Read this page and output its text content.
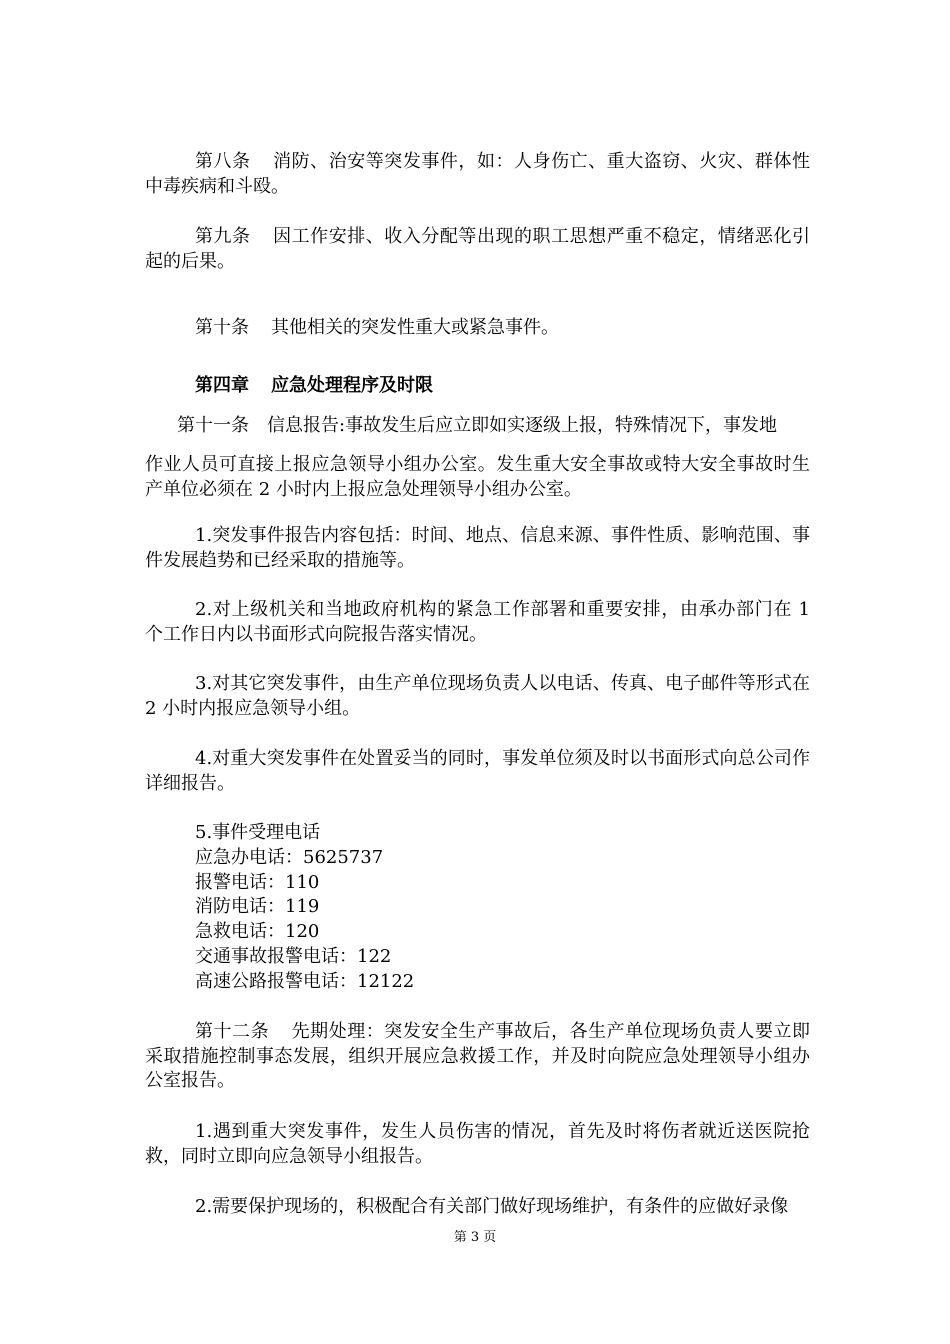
第八条 消防、治安等突发事件，如：人身伤亡、重大盗窃、火灾、群体性中毒疾病和斗殴。

第九条 因工作安排、收入分配等出现的职工思想严重不稳定，情绪恶化引起的后果。

第十条 其他相关的突发性重大或紧急事件。

第四章 应急处理程序及时限

第十一条　信息报告:事故发生后应立即如实逐级上报，特殊情况下，事发地

作业人员可直接上报应急领导小组办公室。发生重大安全事故或特大安全事故时生产单位必须在 2 小时内上报应急处理领导小组办公室。

1.突发事件报告内容包括：时间、地点、信息来源、事件性质、影响范围、事件发展趋势和已经采取的措施等。

2.对上级机关和当地政府机构的紧急工作部署和重要安排，由承办部门在 1 个工作日内以书面形式向院报告落实情况。

3.对其它突发事件，由生产单位现场负责人以电话、传真、电子邮件等形式在 2 小时内报应急领导小组。

4.对重大突发事件在处置妥当的同时，事发单位须及时以书面形式向总公司作详细报告。

5.事件受理电话
应急办电话：5625737
报警电话：110
消防电话：119
急救电话：120
交通事故报警电话：122
高速公路报警电话：12122

第十二条 先期处理：突发安全生产事故后，各生产单位现场负责人要立即采取措施控制事态发展，组织开展应急救援工作，并及时向院应急处理领导小组办公室报告。

1.遇到重大突发事件，发生人员伤害的情况，首先及时将伤者就近送医院抢救，同时立即向应急领导小组报告。

2.需要保护现场的，积极配合有关部门做好现场维护，有条件的应做好录像

第 3 页
